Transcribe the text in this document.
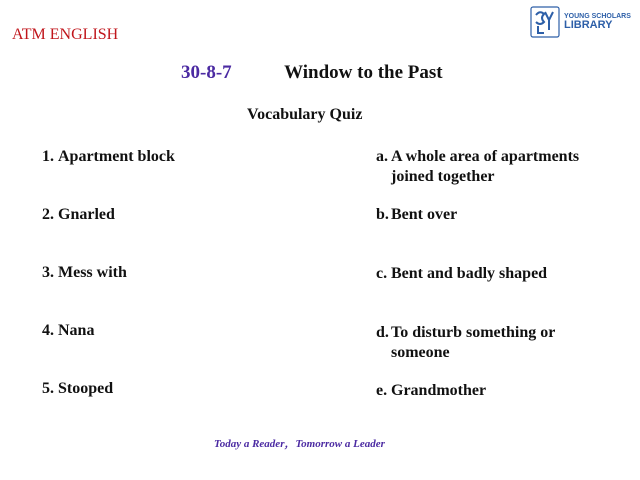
ATM ENGLISH
YOUNG SCHOLARS
LIBRARY
30-8-7	Window to the Past
Vocabulary Quiz
1. Apartment block
2. Gnarled
3. Mess with
4. Nana
5. Stooped
a. A whole area of apartments joined together
b. Bent over
c. Bent and badly shaped
d. To disturb something or someone
e. Grandmother
Today a Reader，Tomorrow a Leader
